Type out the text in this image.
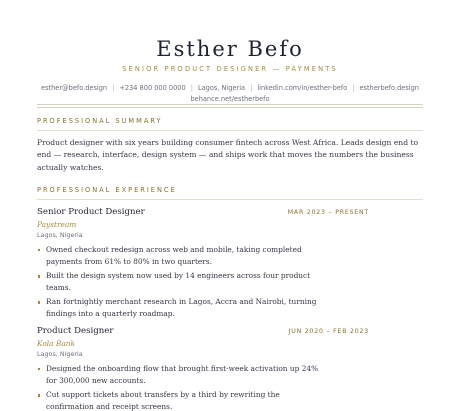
Esther Befo
SENIOR PRODUCT DESIGNER — PAYMENTS
esther@befo.design | +234 800 000 0000 | Lagos, Nigeria | linkedin.com/in/esther-befo | estherbefo.design
behance.net/estherbefo
PROFESSIONAL SUMMARY
Product designer with six years building consumer fintech across West Africa. Leads design end to end — research, interface, design system — and ships work that moves the numbers the business actually watches.
PROFESSIONAL EXPERIENCE
Senior Product Designer	MAR 2023 – PRESENT
Paystream
Lagos, Nigeria
Owned checkout redesign across web and mobile, taking completed payments from 61% to 80% in two quarters.
Built the design system now used by 14 engineers across four product teams.
Ran fortnightly merchant research in Lagos, Accra and Nairobi, turning findings into a quarterly roadmap.
Product Designer	JUN 2020 – FEB 2023
Kola Bank
Lagos, Nigeria
Designed the onboarding flow that brought first-week activation up 24% for 300,000 new accounts.
Cut support tickets about transfers by a third by rewriting the confirmation and receipt screens.
